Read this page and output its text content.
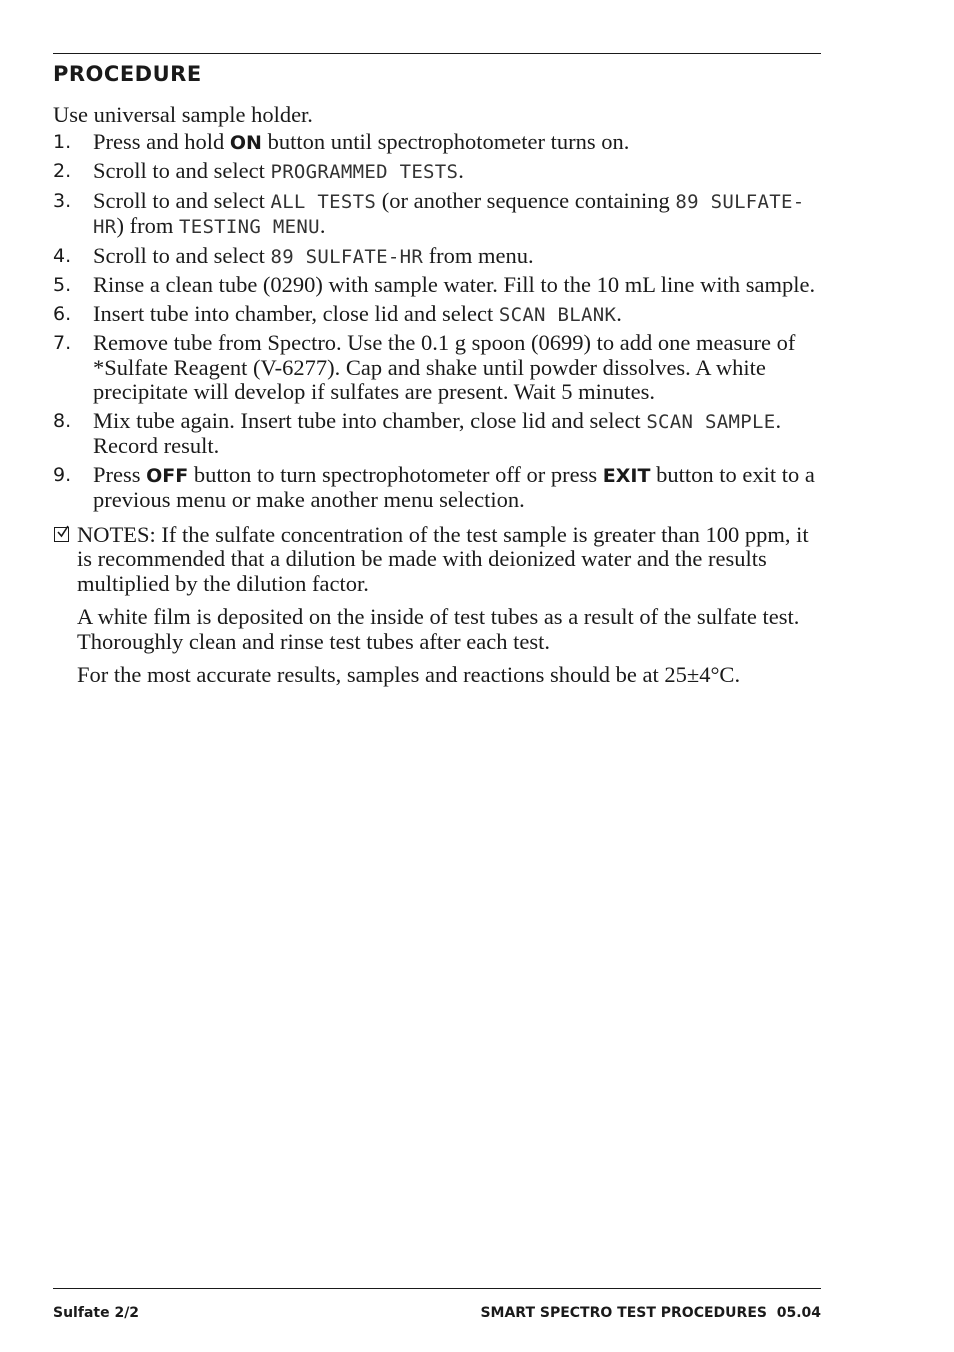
PROCEDURE

Use universal sample holder.

1. Press and hold ON button until spectrophotometer turns on.
2. Scroll to and select PROGRAMMED TESTS.
3. Scroll to and select ALL TESTS (or another sequence containing 89 SULFATE-HR) from TESTING MENU.
4. Scroll to and select 89 SULFATE-HR from menu.
5. Rinse a clean tube (0290) with sample water. Fill to the 10 mL line with sample.
6. Insert tube into chamber, close lid and select SCAN BLANK.
7. Remove tube from Spectro. Use the 0.1 g spoon (0699) to add one measure of *Sulfate Reagent (V-6277). Cap and shake until powder dissolves. A white precipitate will develop if sulfates are present. Wait 5 minutes.
8. Mix tube again. Insert tube into chamber, close lid and select SCAN SAMPLE. Record result.
9. Press OFF button to turn spectrophotometer off or press EXIT button to exit to a previous menu or make another menu selection.

NOTES: If the sulfate concentration of the test sample is greater than 100 ppm, it is recommended that a dilution be made with deionized water and the results multiplied by the dilution factor.

A white film is deposited on the inside of test tubes as a result of the sulfate test. Thoroughly clean and rinse test tubes after each test.

For the most accurate results, samples and reactions should be at 25±4°C.

Sulfate 2/2	SMART SPECTRO TEST PROCEDURES  05.04
